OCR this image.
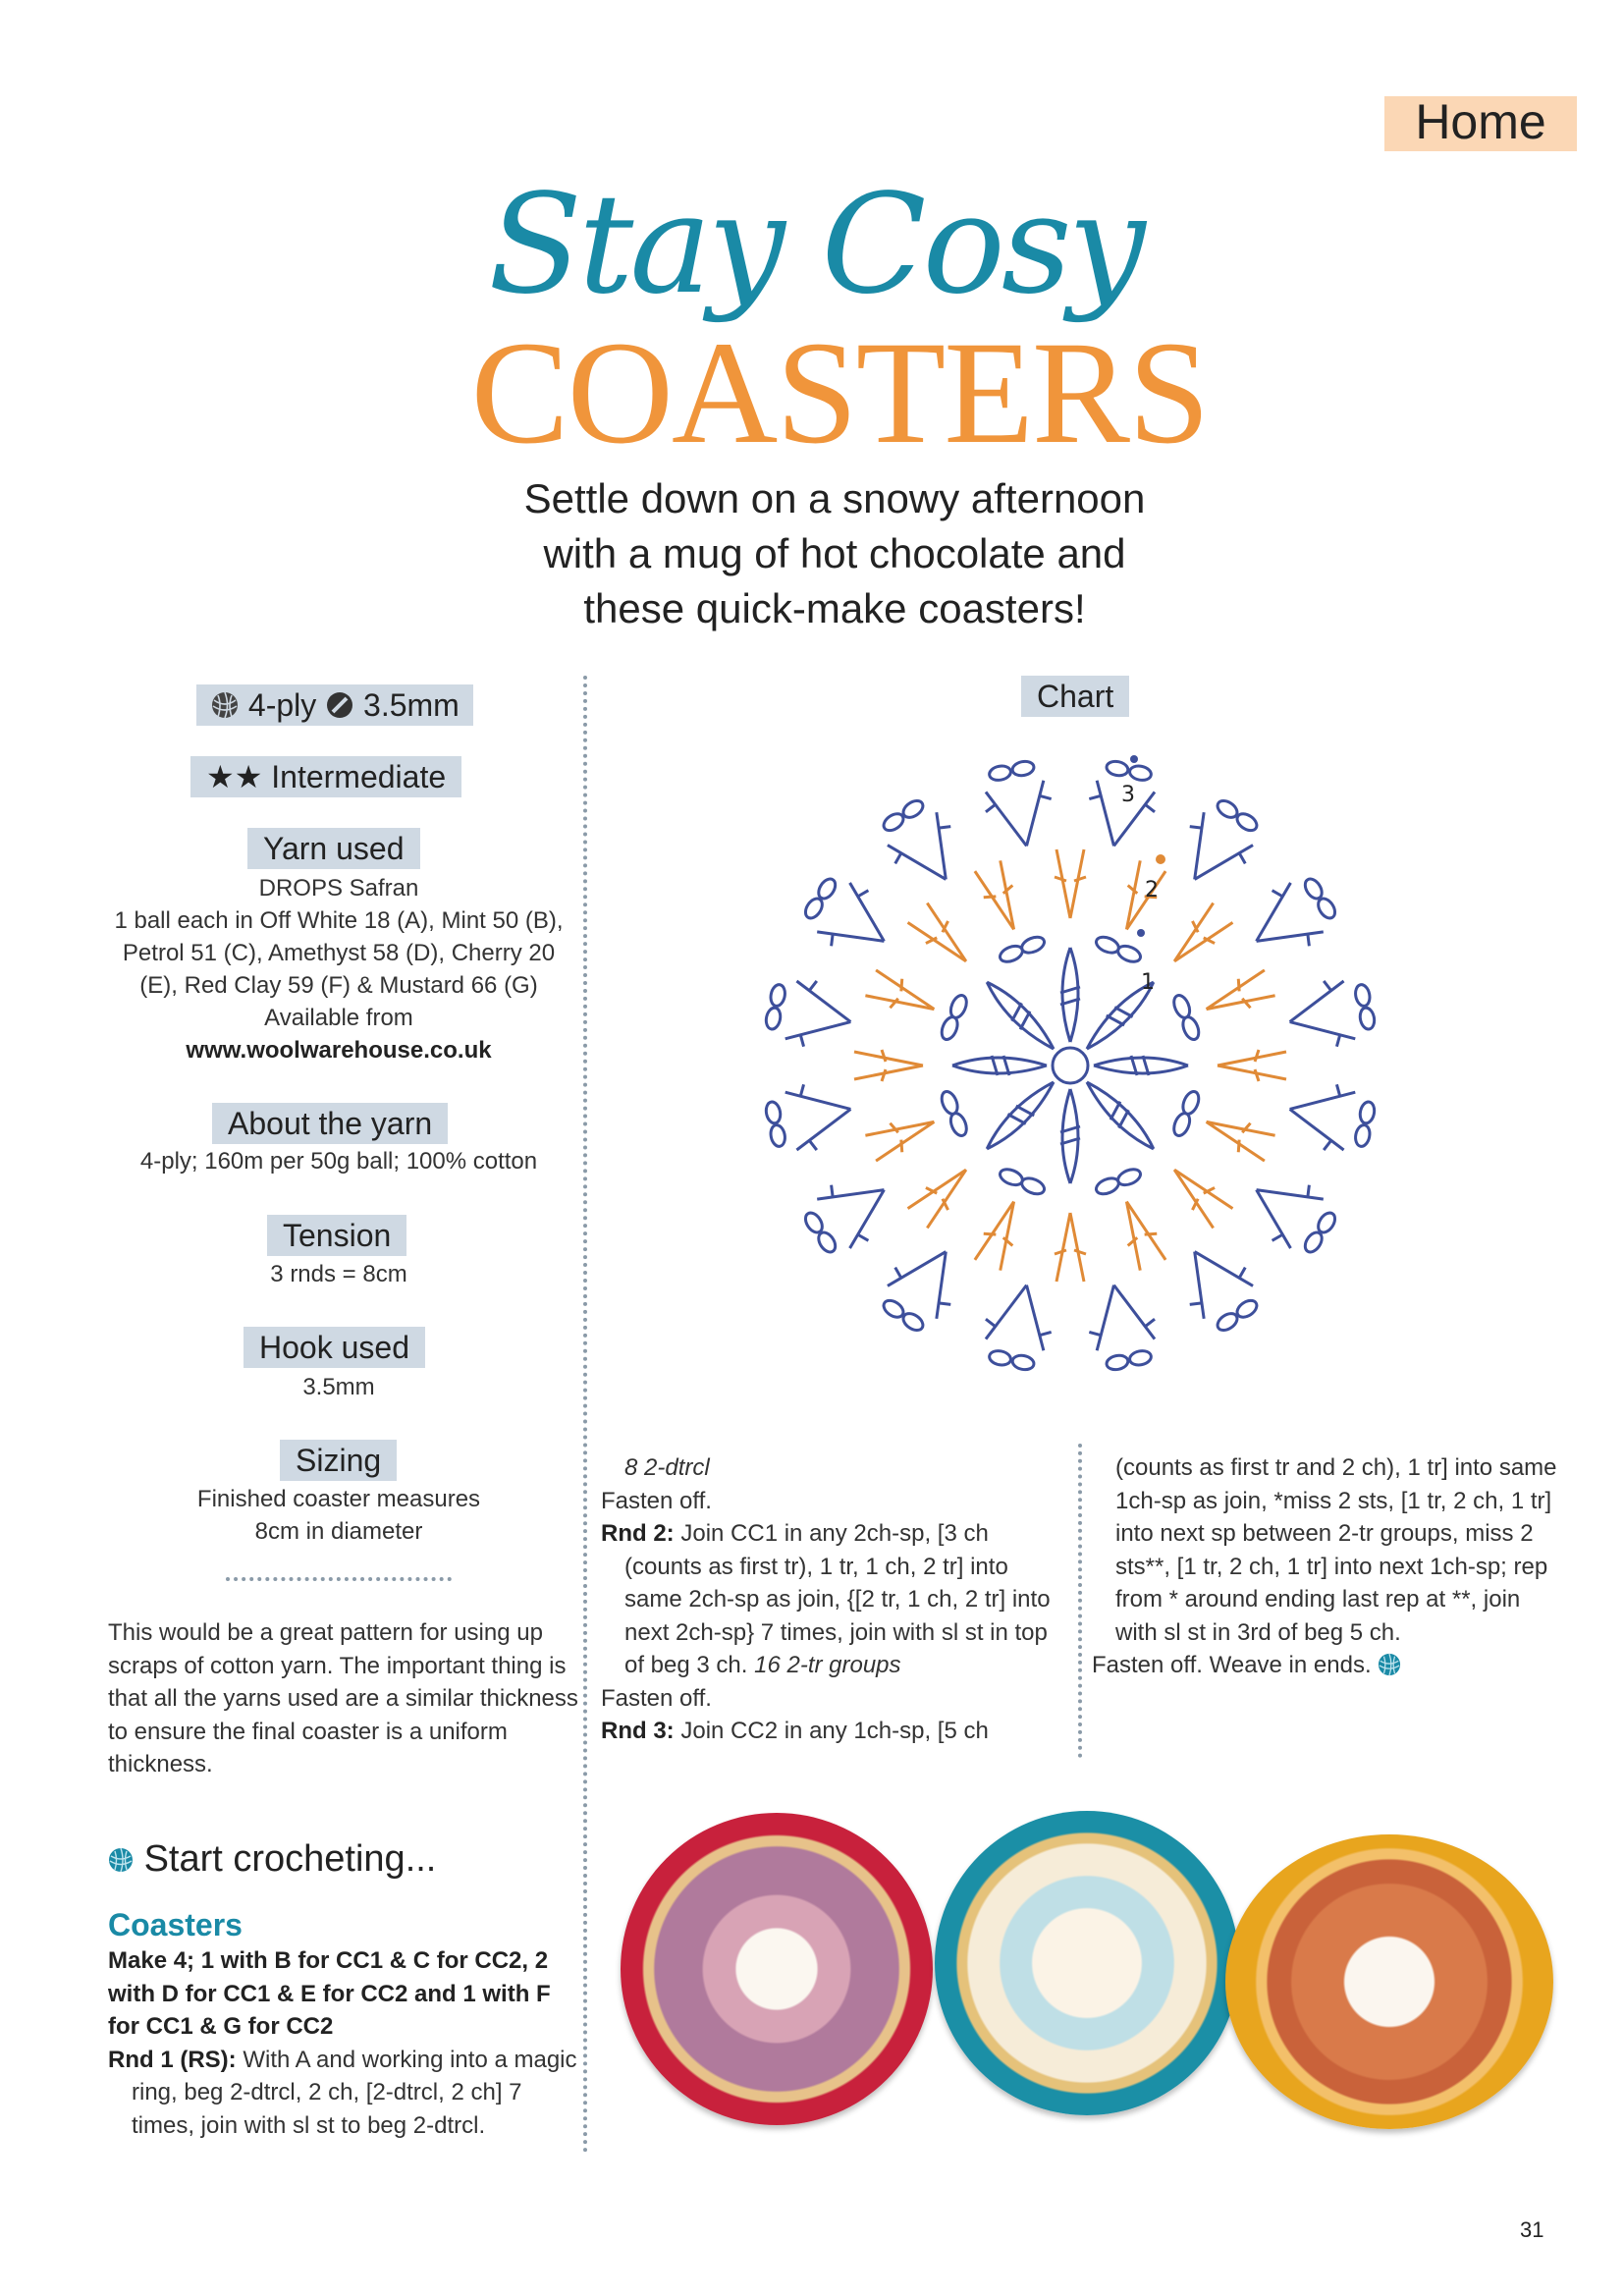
Home
Stay Cosy
COASTERS
Settle down on a snowy afternoon
with a mug of hot chocolate and
these quick-make coasters!
4-ply 3.5mm
★★ Intermediate
Yarn used
DROPS Safran
1 ball each in Off White 18 (A), Mint 50 (B),
Petrol 51 (C), Amethyst 58 (D), Cherry 20
(E), Red Clay 59 (F) & Mustard 66 (G)
Available from
www.woolwarehouse.co.uk
About the yarn
4-ply; 160m per 50g ball; 100% cotton
Tension
3 rnds = 8cm
Hook used
3.5mm
Sizing
Finished coaster measures
8cm in diameter
This would be a great pattern for using up scraps of cotton yarn. The important thing is that all the yarns used are a similar thickness to ensure the final coaster is a uniform thickness.
Start crocheting...
Coasters

Make 4; 1 with B for CC1 & C for CC2, 2 with D for CC1 & E for CC2 and 1 with F for CC1 & G for CC2

Rnd 1 (RS): With A and working into a magic ring, beg 2-dtrcl, 2 ch, [2-dtrcl, 2 ch] 7 times, join with sl st to beg 2-dtrcl.

8 2-dtrcl

Fasten off.

Rnd 2: Join CC1 in any 2ch-sp, [3 ch (counts as first tr), 1 tr, 1 ch, 2 tr] into same 2ch-sp as join, {[2 tr, 1 ch, 2 tr] into next 2ch-sp} 7 times, join with sl st in top of beg 3 ch. 16 2-tr groups

Fasten off.

Rnd 3: Join CC2 in any 1ch-sp, [5 ch

(counts as first tr and 2 ch), 1 tr] into same 1ch-sp as join, *miss 2 sts, [1 tr, 2 ch, 1 tr] into next sp between 2-tr groups, miss 2 sts**, [1 tr, 2 ch, 1 tr] into next 1ch-sp; rep from * around ending last rep at **, join with sl st in 3rd of beg 5 ch.

Fasten off. Weave in ends.

Chart
3
2
1
31
